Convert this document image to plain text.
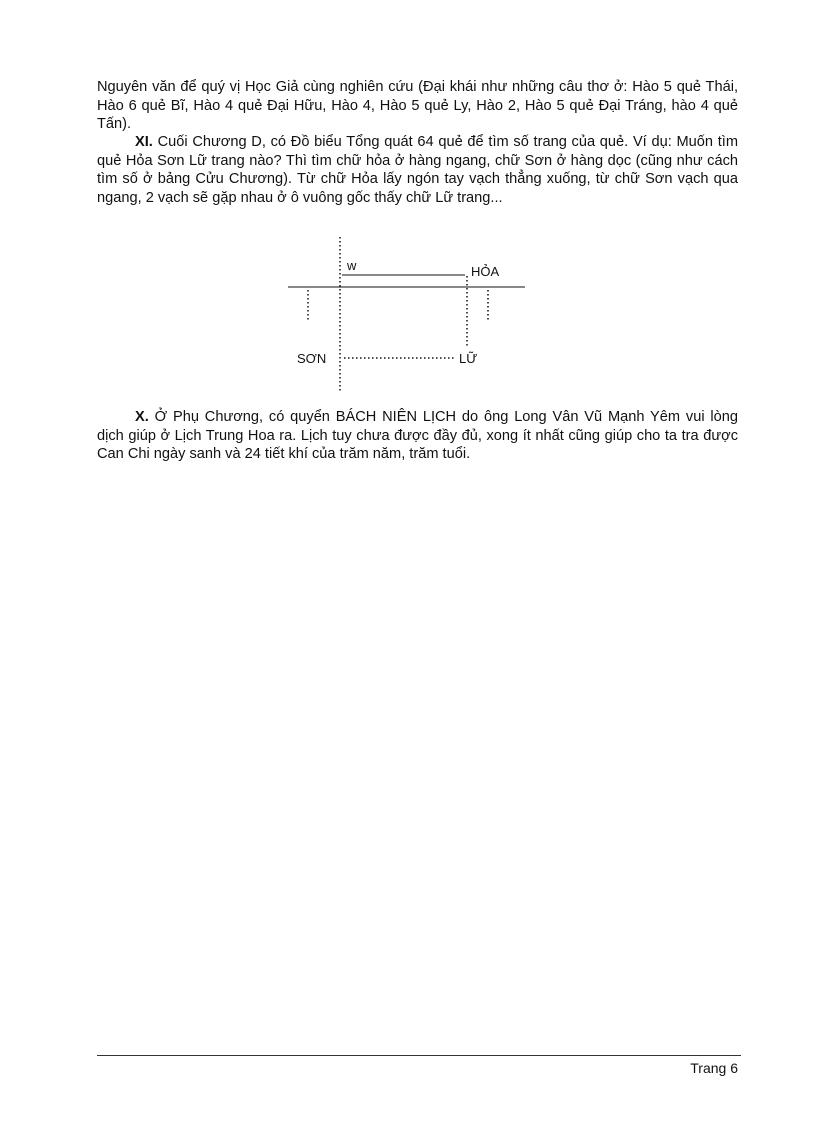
Nguyên văn để quý vị Học Giả cùng nghiên cứu (Đại khái như những câu thơ ở: Hào 5 quẻ Thái, Hào 6 quẻ Bĩ, Hào 4 quẻ Đại Hữu, Hào 4, Hào 5 quẻ Ly, Hào 2, Hào 5 quẻ Đại Tráng, hào 4 quẻ Tấn).

XI. Cuối Chương D, có Đồ biểu Tổng quát 64 quẻ để tìm số trang của quẻ. Ví dụ: Muốn tìm quẻ Hỏa Sơn Lữ trang nào? Thì tìm chữ hỏa ở hàng ngang, chữ Sơn ở hàng dọc (cũng như cách tìm số ở bảng Cửu Chương). Từ chữ Hỏa lấy ngón tay vạch thẳng xuống, từ chữ Sơn vạch qua ngang, 2 vạch sẽ gặp nhau ở ô vuông gốc thấy chữ Lữ trang...

w	HỎA
SƠN	LỮ

X. Ở Phụ Chương, có quyển BÁCH NIÊN LỊCH do ông Long Vân Vũ Mạnh Yêm vui lòng dịch giúp ở Lịch Trung Hoa ra. Lịch tuy chưa được đầy đủ, xong ít nhất cũng giúp cho ta tra được Can Chi ngày sanh và 24 tiết khí của trăm năm, trăm tuổi.

Trang 6
